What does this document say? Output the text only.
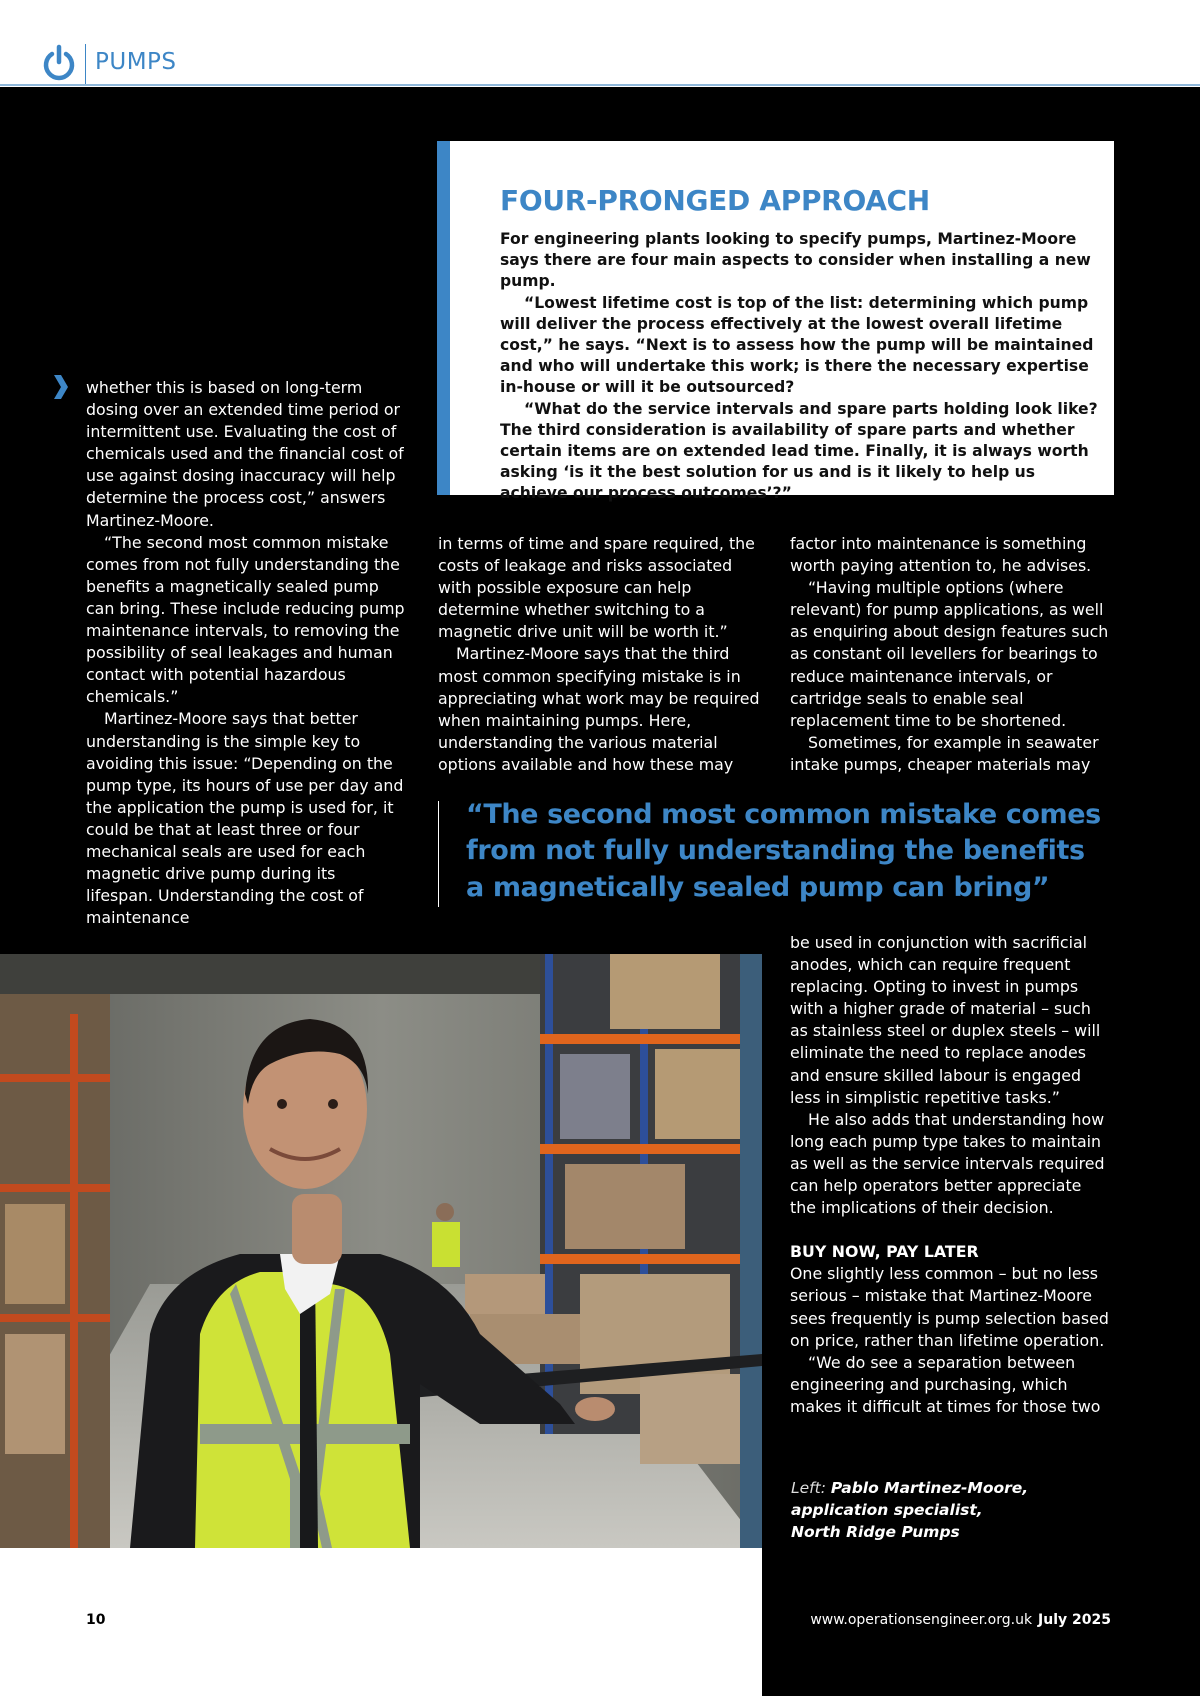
PUMPS
FOUR-PRONGED APPROACH

For engineering plants looking to specify pumps, Martinez-Moore says there are four main aspects to consider when installing a new pump.

“Lowest lifetime cost is top of the list: determining which pump will deliver the process effectively at the lowest overall lifetime cost,” he says. “Next is to assess how the pump will be maintained and who will undertake this work; is there the necessary expertise in-house or will it be outsourced?

“What do the service intervals and spare parts holding look like? The third consideration is availability of spare parts and whether certain items are on extended lead time. Finally, it is always worth asking ‘is it the best solution for us and is it likely to help us achieve our process outcomes’?”

whether this is based on long-term dosing over an extended time period or intermittent use. Evaluating the cost of chemicals used and the financial cost of use against dosing inaccuracy will help determine the process cost,” answers Martinez-Moore.

“The second most common mistake comes from not fully understanding the benefits a magnetically sealed pump can bring. These include reducing pump maintenance intervals, to removing the possibility of seal leakages and human contact with potential hazardous chemicals.”

Martinez-Moore says that better understanding is the simple key to avoiding this issue: “Depending on the pump type, its hours of use per day and the application the pump is used for, it could be that at least three or four mechanical seals are used for each magnetic drive pump during its lifespan. Understanding the cost of maintenance

in terms of time and spare required, the costs of leakage and risks associated with possible exposure can help determine whether switching to a magnetic drive unit will be worth it.”

Martinez-Moore says that the third most common specifying mistake is in appreciating what work may be required when maintaining pumps. Here, understanding the various material options available and how these may

factor into maintenance is something worth paying attention to, he advises.

“Having multiple options (where relevant) for pump applications, as well as enquiring about design features such as constant oil levellers for bearings to reduce maintenance intervals, or cartridge seals to enable seal replacement time to be shortened.

Sometimes, for example in seawater intake pumps, cheaper materials may

“The second most common mistake comes from not fully understanding the benefits a magnetically sealed pump can bring”

be used in conjunction with sacrificial anodes, which can require frequent replacing. Opting to invest in pumps with a higher grade of material – such as stainless steel or duplex steels – will eliminate the need to replace anodes and ensure skilled labour is engaged less in simplistic repetitive tasks.”

He also adds that understanding how long each pump type takes to maintain as well as the service intervals required can help operators better appreciate the implications of their decision.

BUY NOW, PAY LATER

One slightly less common – but no less serious – mistake that Martinez-Moore sees frequently is pump selection based on price, rather than lifetime operation.

“We do see a separation between engineering and purchasing, which makes it difficult at times for those two

Left: Pablo Martinez-Moore,
application specialist,
North Ridge Pumps
10	www.operationsengineer.org.uk July 2025
